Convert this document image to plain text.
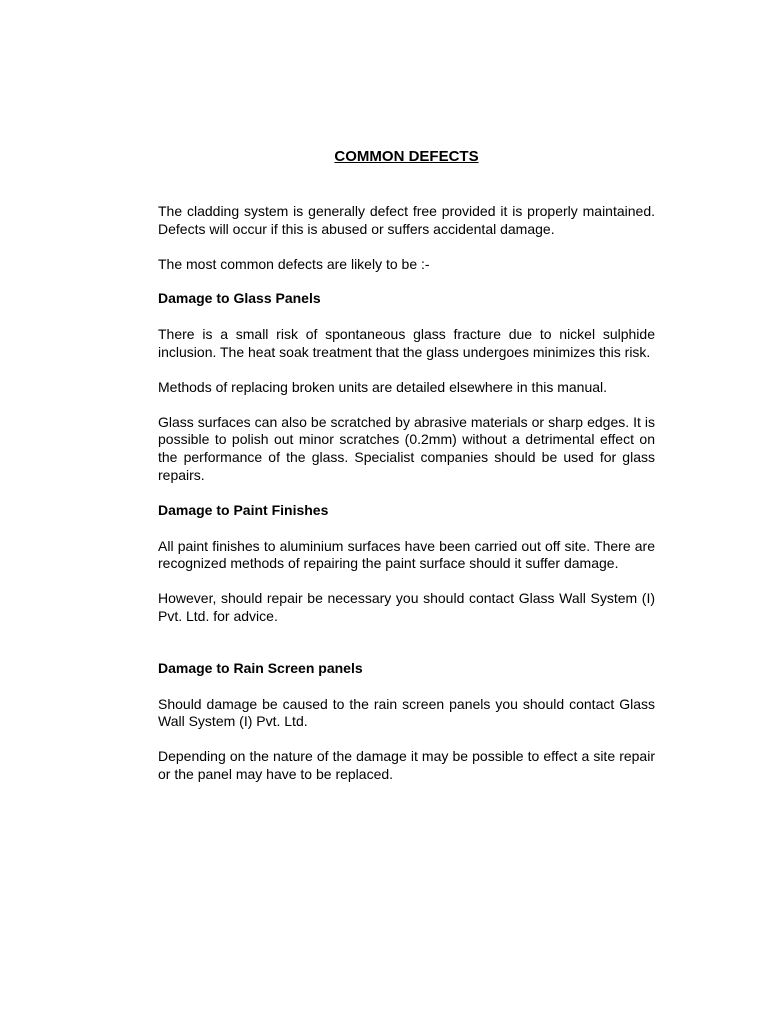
COMMON DEFECTS

The cladding system is generally defect free provided it is properly maintained. Defects will occur if this is abused or suffers accidental damage.

The most common defects are likely to be :-

Damage to Glass Panels

There is a small risk of spontaneous glass fracture due to nickel sulphide inclusion. The heat soak treatment that the glass undergoes minimizes this risk.

Methods of replacing broken units are detailed elsewhere in this manual.

Glass surfaces can also be scratched by abrasive materials or sharp edges. It is possible to polish out minor scratches (0.2mm) without a detrimental effect on the performance of the glass. Specialist companies should be used for glass repairs.

Damage to Paint Finishes

All paint finishes to aluminium surfaces have been carried out off site. There are recognized methods of repairing the paint surface should it suffer damage.

However, should repair be necessary you should contact Glass Wall System (I) Pvt. Ltd. for advice.

Damage to Rain Screen panels

Should damage be caused to the rain screen panels you should contact Glass Wall System (I) Pvt. Ltd.

Depending on the nature of the damage it may be possible to effect a site repair or the panel may have to be replaced.
